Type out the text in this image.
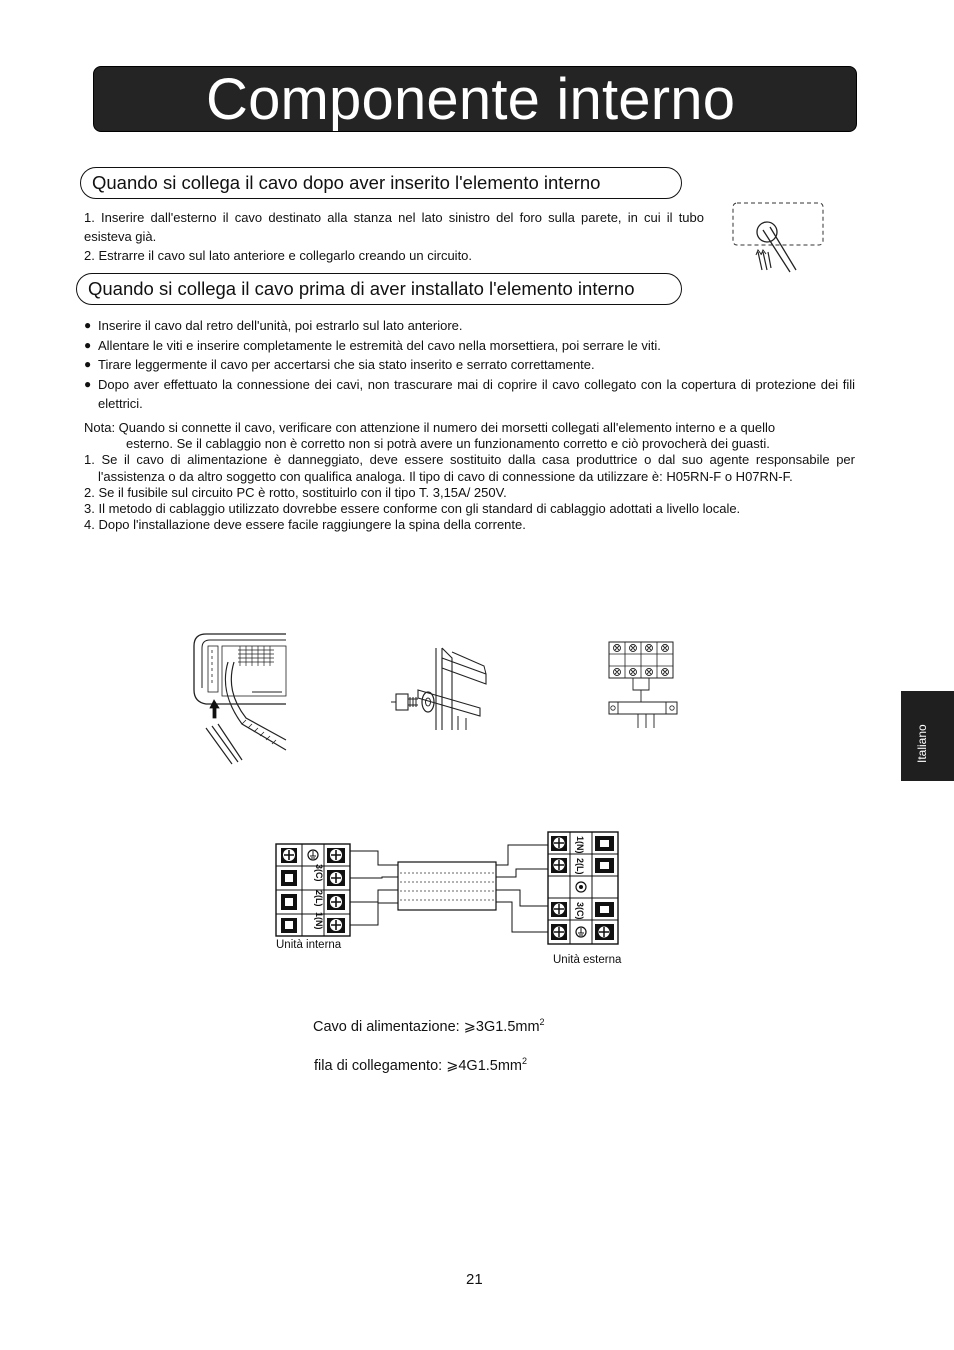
Componente interno
Quando si collega il cavo dopo aver inserito l'elemento interno

1. Inserire dall'esterno il cavo destinato alla stanza nel lato sinistro del foro sulla parete, in cui il tubo esisteva già.

2. Estrarre il cavo sul lato anteriore e collegarlo creando un circuito.

Quando si collega il cavo prima di aver installato l'elemento interno
● Inserire il cavo dal retro dell'unità, poi estrarlo sul lato anteriore.
● Allentare le viti e inserire completamente le estremità del cavo nella morsettiera, poi serrare le viti.
● Tirare leggermente il cavo per accertarsi che sia stato inserito e serrato correttamente.
● Dopo aver effettuato la connessione dei cavi, non trascurare mai di coprire il cavo collegato con la copertura di protezione dei fili elettrici.

Nota: Quando si connette il cavo, verificare con attenzione il numero dei morsetti collegati all'elemento interno e a quello

esterno. Se il cablaggio non è corretto non si potrà avere un funzionamento corretto e ciò provocherà dei guasti.

1. Se il cavo di alimentazione è danneggiato, deve essere sostituito dalla casa produttrice o dal suo agente responsabile per l'assistenza o da altro soggetto con qualifica analoga. Il tipo di cavo di connessione da utilizzare è: H05RN-F o H07RN-F.

2. Se il fusibile sul circuito PC è rotto, sostituirlo con il tipo T. 3,15A/ 250V.

3. Il metodo di cablaggio utilizzato dovrebbe essere conforme con gli standard di cablaggio adottati a livello locale.

4. Dopo l'installazione deve essere facile raggiungere la spina della corrente.

Italiano
3(C)
2(L)
1(N)
1(N)
2(L)
3(C)
Unità interna
Unità esterna
Cavo di alimentazione: $⩾3G1.5mm^2$
fila di collegamento: $⩾4G1.5mm^2$
21
